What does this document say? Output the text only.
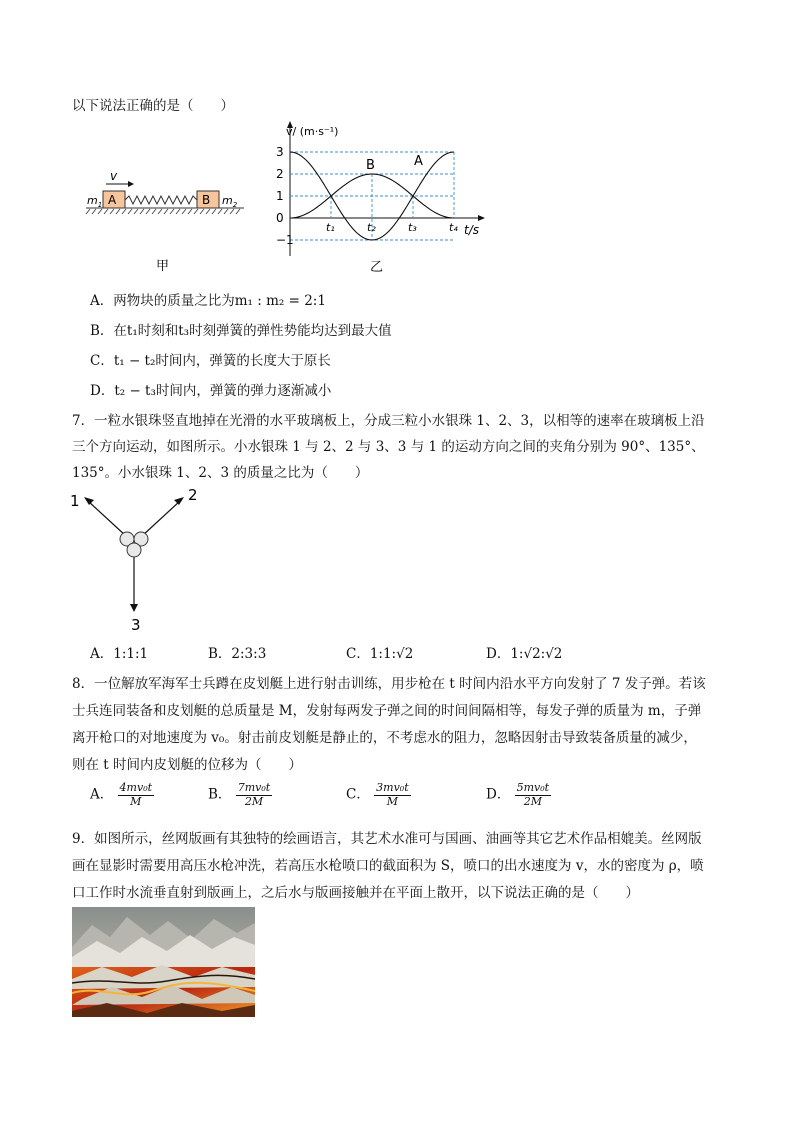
以下说法正确的是（　　）
v
$m_1$	$m_2$
A	B
甲
v/ (m·s⁻¹)
t/s
−1
0
1
2
3
t₁	t₂	t₃	t₄
A
B
乙
A．两物块的质量之比为m₁ : m₂ = 2:1
B．在t₁时刻和t₃时刻弹簧的弹性势能均达到最大值
C．t₁ − t₂时间内，弹簧的长度大于原长
D．t₂ − t₃时间内，弹簧的弹力逐渐减小
7．一粒水银珠竖直地掉在光滑的水平玻璃板上，分成三粒小水银珠 1、2、3，以相等的速率在玻璃板上沿
三个方向运动，如图所示。小水银珠 1 与 2、2 与 3、3 与 1 的运动方向之间的夹角分别为 90°、135°、
135°。小水银珠 1、2、3 的质量之比为（　　）
1	2
3
A．1:1:1	B．2:3:3	C．1:1:√2	D．1:√2:√2
8．一位解放军海军士兵蹲在皮划艇上进行射击训练，用步枪在 t 时间内沿水平方向发射了 7 发子弹。若该
士兵连同装备和皮划艇的总质量是 M，发射每两发子弹之间的时间间隔相等，每发子弹的质量为 m，子弹
离开枪口的对地速度为 v₀。射击前皮划艇是静止的，不考虑水的阻力，忽略因射击导致装备质量的减少，
则在 t 时间内皮划艇的位移为（　　）
A． $\frac{\text{4mv₀t}}{M}$	B． $\frac{\text{7mv₀t}}{2M}$	C． $\frac{\text{3mv₀t}}{M}$	D． $\frac{\text{5mv₀t}}{2M}$
9．如图所示，丝网版画有其独特的绘画语言，其艺术水准可与国画、油画等其它艺术作品相媲美。丝网版
画在显影时需要用高压水枪冲洗，若高压水枪喷口的截面积为 S，喷口的出水速度为 v，水的密度为 ρ，喷
口工作时水流垂直射到版画上，之后水与版画接触并在平面上散开，以下说法正确的是（　　）
